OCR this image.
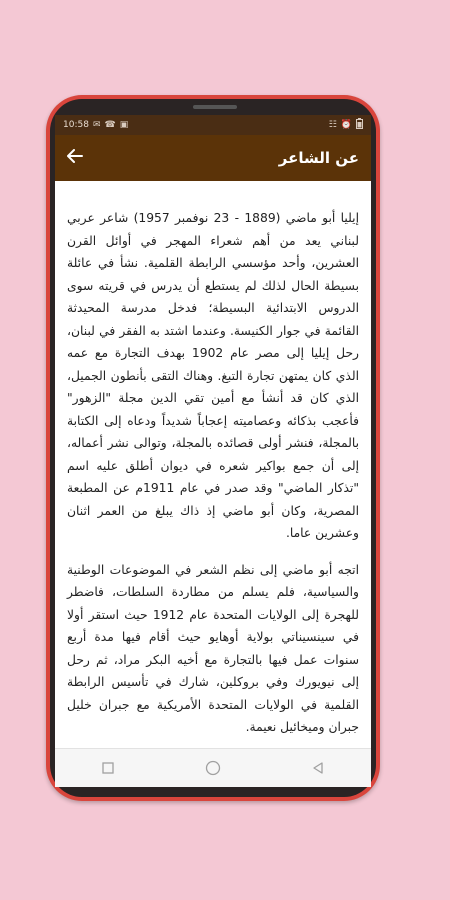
10:58 ✉ ☎ ▣	☷ ⏰
عن الشاعر

إيليا أبو ماضي (1889 - 23 نوفمبر 1957) شاعر عربي لبناني يعد من أهم شعراء المهجر في أوائل القرن العشرين، وأحد مؤسسي الرابطة القلمية. نشأ في عائلة بسيطة الحال لذلك لم يستطع أن يدرس في قريته سوى الدروس الابتدائية البسيطة؛ فدخل مدرسة المحيدثة القائمة في جوار الكنيسة. وعندما اشتد به الفقر في لبنان، رحل إيليا إلى مصر عام 1902 بهدف التجارة مع عمه الذي كان يمتهن تجارة التبغ. وهناك التقى بأنطون الجميل، الذي كان قد أنشأ مع أمين تقي الدين مجلة "الزهور" فأعجب بذكائه وعصاميته إعجاباً شديداً ودعاه إلى الكتابة بالمجلة، فنشر أولى قصائده بالمجلة، وتوالى نشر أعماله، إلى أن جمع بواكير شعره في ديوان أطلق عليه اسم "تذكار الماضي" وقد صدر في عام 1911م عن المطبعة المصرية، وكان أبو ماضي إذ ذاك يبلغ من العمر اثنان وعشرين عاما.

اتجه أبو ماضي إلى نظم الشعر في الموضوعات الوطنية والسياسية، فلم يسلم من مطاردة السلطات، فاضطر للهجرة إلى الولايات المتحدة عام 1912 حيث استقر أولا في سينسيناتي بولاية أوهايو حيث أقام فيها مدة أربع سنوات عمل فيها بالتجارة مع أخيه البكر مراد، ثم رحل إلى نيويورك وفي بروكلين، شارك في تأسيس الرابطة القلمية في الولايات المتحدة الأمريكية مع جبران خليل جبران وميخائيل نعيمة.
